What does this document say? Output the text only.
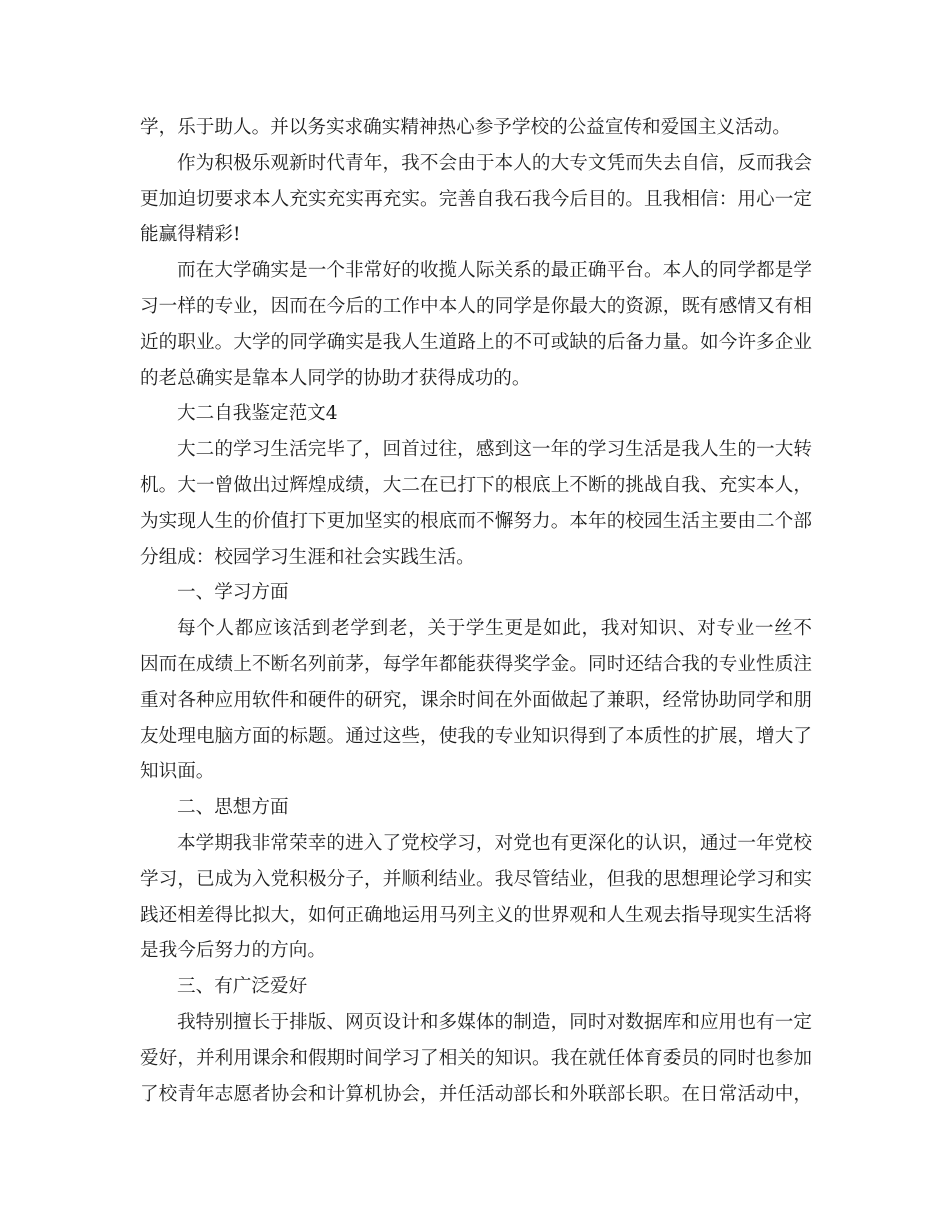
学，乐于助人。并以务实求确实精神热心参予学校的公益宣传和爱国主义活动。
作为积极乐观新时代青年，我不会由于本人的大专文凭而失去自信，反而我会
更加迫切要求本人充实充实再充实。完善自我石我今后目的。且我相信：用心一定
能赢得精彩!
而在大学确实是一个非常好的收揽人际关系的最正确平台。本人的同学都是学
习一样的专业，因而在今后的工作中本人的同学是你最大的资源，既有感情又有相
近的职业。大学的同学确实是我人生道路上的不可或缺的后备力量。如今许多企业
的老总确实是靠本人同学的协助才获得成功的。
大二自我鉴定范文4
大二的学习生活完毕了，回首过往，感到这一年的学习生活是我人生的一大转
机。大一曾做出过辉煌成绩，大二在已打下的根底上不断的挑战自我、充实本人，
为实现人生的价值打下更加坚实的根底而不懈努力。本年的校园生活主要由二个部
分组成：校园学习生涯和社会实践生活。
一、学习方面
每个人都应该活到老学到老，关于学生更是如此，我对知识、对专业一丝不
因而在成绩上不断名列前茅，每学年都能获得奖学金。同时还结合我的专业性质注
重对各种应用软件和硬件的研究，课余时间在外面做起了兼职，经常协助同学和朋
友处理电脑方面的标题。通过这些，使我的专业知识得到了本质性的扩展，增大了
知识面。
二、思想方面
本学期我非常荣幸的进入了党校学习，对党也有更深化的认识，通过一年党校
学习，已成为入党积极分子，并顺利结业。我尽管结业，但我的思想理论学习和实
践还相差得比拟大，如何正确地运用马列主义的世界观和人生观去指导现实生活将
是我今后努力的方向。
三、有广泛爱好
我特别擅长于排版、网页设计和多媒体的制造，同时对数据库和应用也有一定
爱好，并利用课余和假期时间学习了相关的知识。我在就任体育委员的同时也参加
了校青年志愿者协会和计算机协会，并任活动部长和外联部长职。在日常活动中，
